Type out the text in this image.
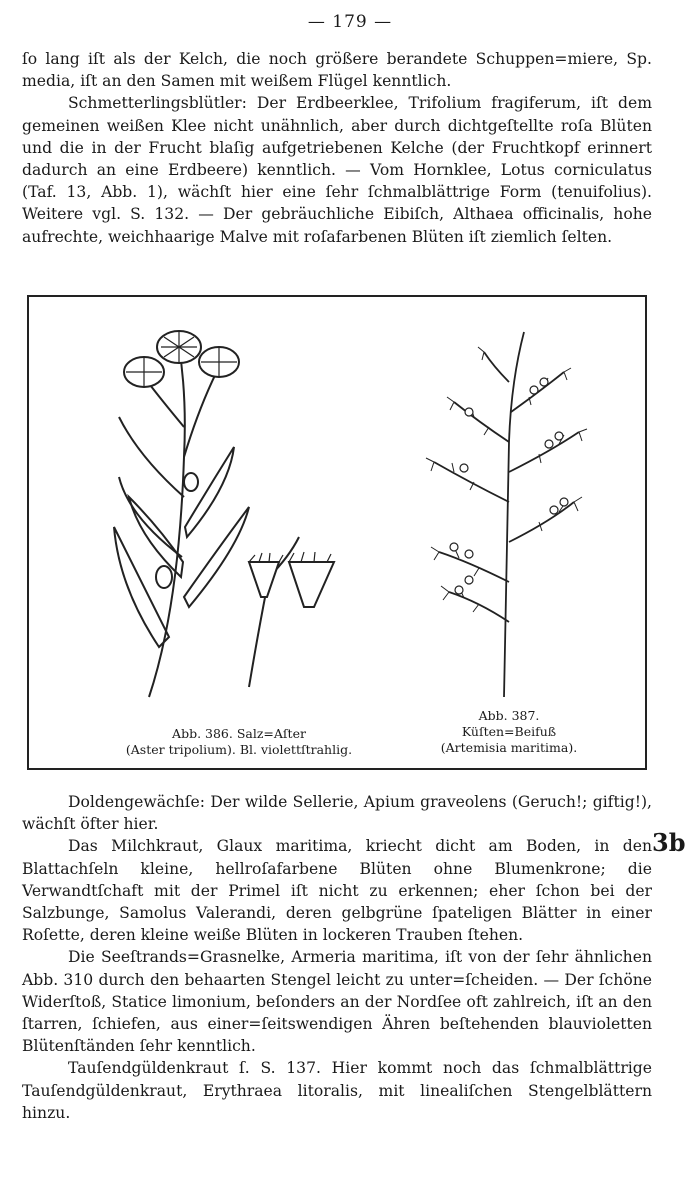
— 179 —

ſo lang iſt als der Kelch, die noch größere berandete Schuppen=miere, Sp. media, iſt an den Samen mit weißem Flügel kenntlich.

Schmetterlingsblütler: Der Erdbeerklee, Trifolium fragiferum, iſt dem gemeinen weißen Klee nicht unähnlich, aber durch dichtgeſtellte roſa Blüten und die in der Frucht blaſig aufgetriebenen Kelche (der Fruchtkopf erinnert dadurch an eine Erdbeere) kenntlich. — Vom Hornklee, Lotus corniculatus (Taf. 13, Abb. 1), wächſt hier eine ſehr ſchmalblättrige Form (tenuifolius). Weitere vgl. S. 132. — Der gebräuchliche Eibiſch, Althaea officinalis, hohe aufrechte, weichhaarige Malve mit roſafarbenen Blüten iſt ziemlich ſelten.

Abb. 386. Salz=Aſter
(Aster tripolium). Bl. violettſtrahlig.
Abb. 387.
Küſten=Beifuß
(Artemisia maritima).

Doldengewächſe: Der wilde Sellerie, Apium graveolens (Geruch!; giftig!), wächſt öfter hier.

Das Milchkraut, Glaux maritima, kriecht dicht am Boden, in den Blattachſeln kleine, hellroſafarbene Blüten ohne Blumenkrone; die Verwandtſchaft mit der Primel iſt nicht zu erkennen; eher ſchon bei der Salzbunge, Samolus Valerandi, deren gelbgrüne ſpateligen Blätter in einer Roſette, deren kleine weiße Blüten in lockeren Trauben ſtehen.

Die Seeſtrands=Grasnelke, Armeria maritima, iſt von der ſehr ähnlichen Abb. 310 durch den behaarten Stengel leicht zu unter=ſcheiden. — Der ſchöne Widerſtoß, Statice limonium, beſonders an der Nordſee oft zahlreich, iſt an den ſtarren, ſchiefen, aus einer=ſeitswendigen Ähren beſtehenden blauvioletten Blütenſtänden ſehr kenntlich.

Tauſendgüldenkraut ſ. S. 137. Hier kommt noch das ſchmalblättrige Tauſendgüldenkraut, Erythraea litoralis, mit linealiſchen Stengelblättern hinzu.

3b
